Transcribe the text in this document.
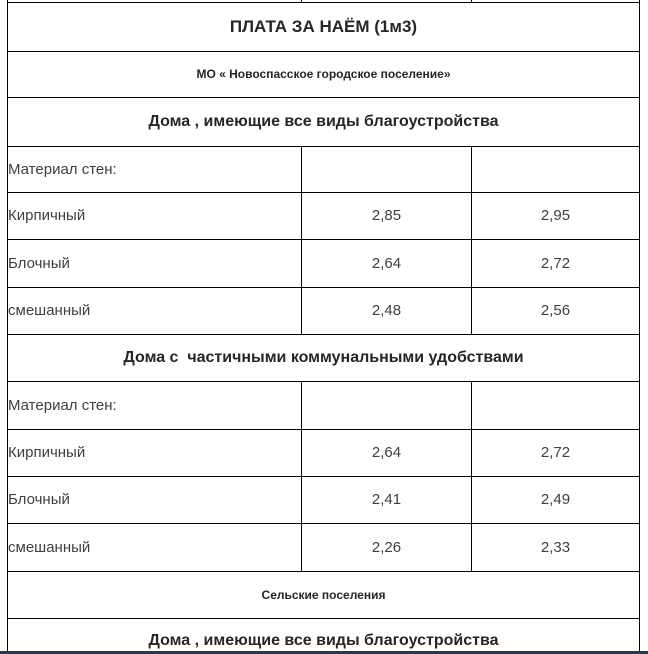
ПЛАТА ЗА НАЁМ (1м3)		
МО « Новоспасское городское поселение»		
Дома , имеющие все виды благоустройства		
Материал стен:		
Кирпичный	2,85	2,95
Блочный	2,64	2,72
смешанный	2,48	2,56
Дома с  частичными коммунальными удобствами		
Материал стен:		
Кирпичный	2,64	2,72
Блочный	2,41	2,49
смешанный	2,26	2,33
Сельские поселения		
Дома , имеющие все виды благоустройства		
